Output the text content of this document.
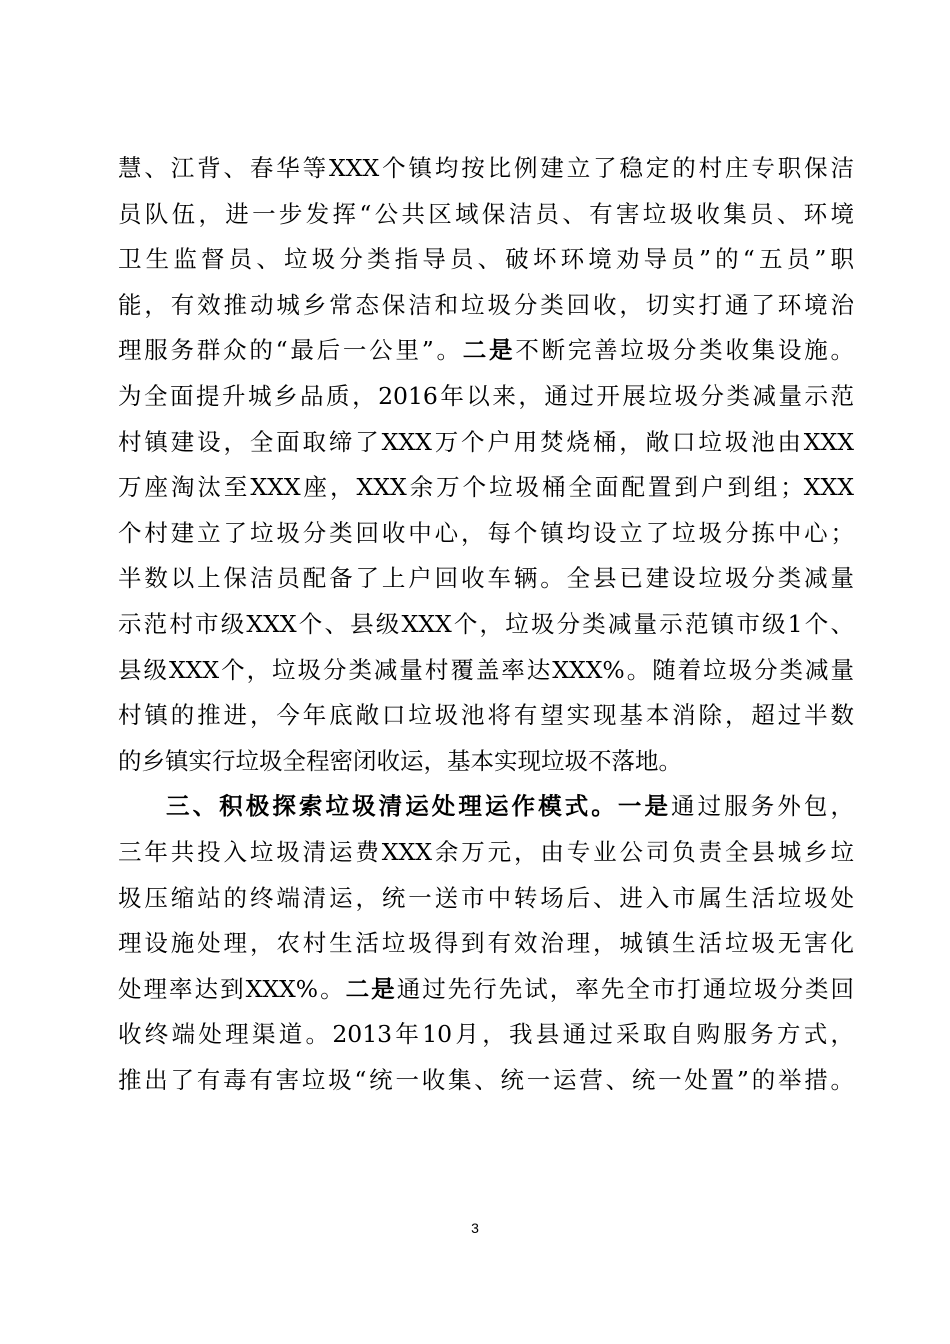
慧、江背、春华等XXX个镇均按比例建立了稳定的村庄专职保洁
员队伍，进一步发挥“公共区域保洁员、有害垃圾收集员、环境
卫生监督员、垃圾分类指导员、破坏环境劝导员”的“五员”职
能，有效推动城乡常态保洁和垃圾分类回收，切实打通了环境治
理服务群众的“最后一公里”。二是不断完善垃圾分类收集设施。
为全面提升城乡品质，2016年以来，通过开展垃圾分类减量示范
村镇建设，全面取缔了XXX万个户用焚烧桶，敞口垃圾池由XXX
万座淘汰至XXX座，XXX余万个垃圾桶全面配置到户到组；XXX
个村建立了垃圾分类回收中心，每个镇均设立了垃圾分拣中心；
半数以上保洁员配备了上户回收车辆。全县已建设垃圾分类减量
示范村市级XXX个、县级XXX个，垃圾分类减量示范镇市级1个、
县级XXX个，垃圾分类减量村覆盖率达XXX%。随着垃圾分类减量
村镇的推进，今年底敞口垃圾池将有望实现基本消除，超过半数
的乡镇实行垃圾全程密闭收运，基本实现垃圾不落地。
三、积极探索垃圾清运处理运作模式。一是通过服务外包，
三年共投入垃圾清运费XXX余万元，由专业公司负责全县城乡垃
圾压缩站的终端清运，统一送市中转场后、进入市属生活垃圾处
理设施处理，农村生活垃圾得到有效治理，城镇生活垃圾无害化
处理率达到XXX%。二是通过先行先试，率先全市打通垃圾分类回
收终端处理渠道。2013年10月，我县通过采取自购服务方式，
推出了有毒有害垃圾“统一收集、统一运营、统一处置”的举措。
3
